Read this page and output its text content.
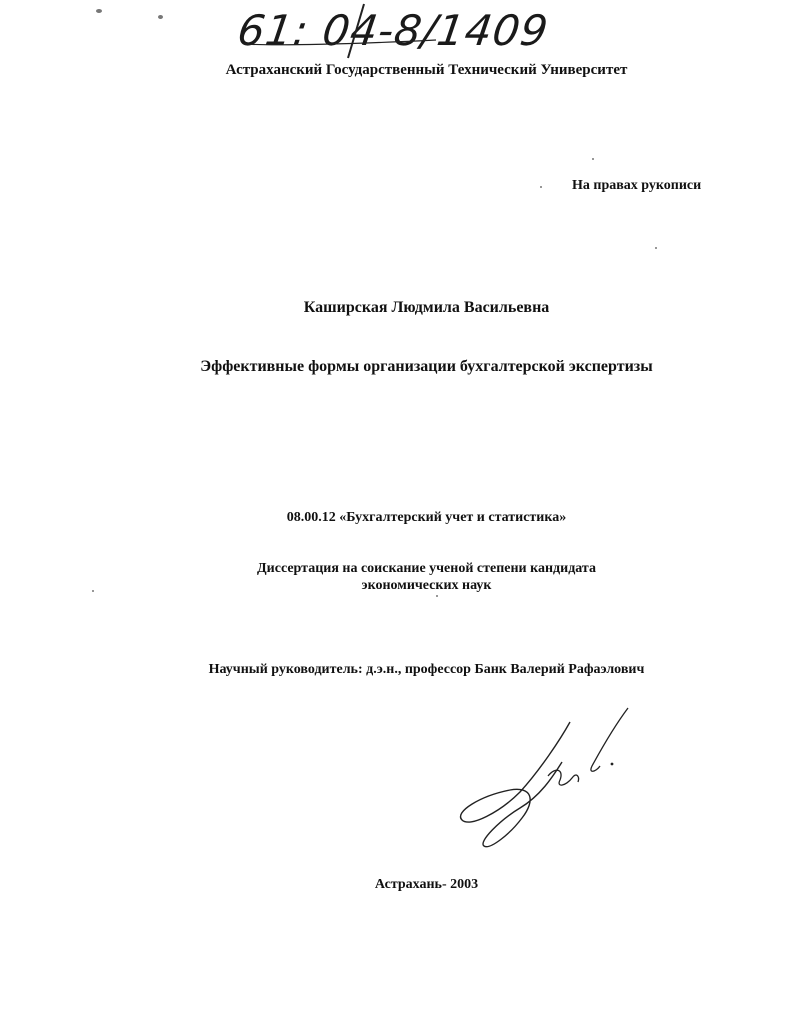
61: 04-8/1409
Астраханский Государственный Технический Университет
На правах рукописи
Каширская Людмила Васильевна
Эффективные формы организации бухгалтерской экспертизы
08.00.12 «Бухгалтерский учет и статистика»
Диссертация на соискание ученой степени кандидата
экономических наук
Научный руководитель: д.э.н., профессор Банк Валерий Рафаэлович
Астрахань- 2003
